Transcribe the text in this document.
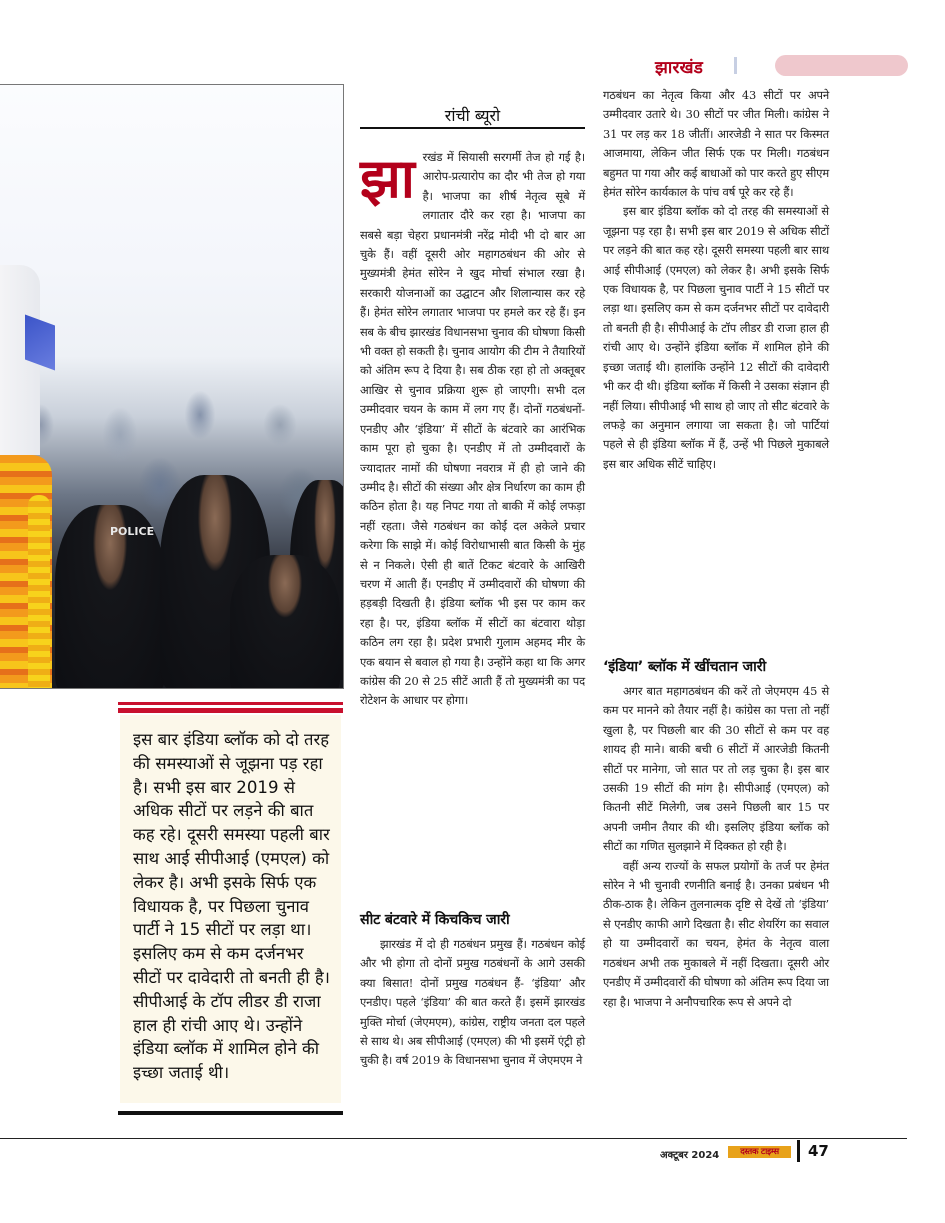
झारखंड
POLICE
इस बार इंडिया ब्लॉक को दो तरह की समस्याओं से जूझना पड़ रहा है। सभी इस बार 2019 से अधिक सीटों पर लड़ने की बात कह रहे। दूसरी समस्या पहली बार साथ आई सीपीआई (एमएल) को लेकर है। अभी इसके सिर्फ एक विधायक है, पर पिछला चुनाव पार्टी ने 15 सीटों पर लड़ा था। इसलिए कम से कम दर्जनभर सीटों पर दावेदारी तो बनती ही है। सीपीआई के टॉप लीडर डी राजा हाल ही रांची आए थे। उन्होंने इंडिया ब्लॉक में शामिल होने की इच्छा जताई थी।
रांची ब्यूरो

झारखंड में सियासी सरगर्मी तेज हो गई है। आरोप-प्रत्यारोप का दौर भी तेज हो गया है। भाजपा का शीर्ष नेतृत्व सूबे में लगातार दौरे कर रहा है। भाजपा का सबसे बड़ा चेहरा प्रधानमंत्री नरेंद्र मोदी भी दो बार आ चुके हैं। वहीं दूसरी ओर महागठबंधन की ओर से मुख्यमंत्री हेमंत सोरेन ने खुद मोर्चा संभाल रखा है। सरकारी योजनाओं का उद्घाटन और शिलान्यास कर रहे हैं। हेमंत सोरेन लगातार भाजपा पर हमले कर रहे हैं। इन सब के बीच झारखंड विधानसभा चुनाव की घोषणा किसी भी वक्त हो सकती है। चुनाव आयोग की टीम ने तैयारियों को अंतिम रूप दे दिया है। सब ठीक रहा हो तो अक्तूबर आखिर से चुनाव प्रक्रिया शुरू हो जाएगी। सभी दल उम्मीदवार चयन के काम में लग गए हैं। दोनों गठबंधनों- एनडीए और ‘इंडिया’ में सीटों के बंटवारे का आरंभिक काम पूरा हो चुका है। एनडीए में तो उम्मीदवारों के ज्यादातर नामों की घोषणा नवरात्र में ही हो जाने की उम्मीद है। सीटों की संख्या और क्षेत्र निर्धारण का काम ही कठिन होता है। यह निपट गया तो बाकी में कोई लफड़ा नहीं रहता। जैसे गठबंधन का कोई दल अकेले प्रचार करेगा कि साझे में। कोई विरोधाभासी बात किसी के मुंह से न निकले। ऐसी ही बातें टिकट बंटवारे के आखिरी चरण में आती हैं। एनडीए में उम्मीदवारों की घोषणा की हड़बड़ी दिखती है। इंडिया ब्लॉक भी इस पर काम कर रहा है। पर, इंडिया ब्लॉक में सीटों का बंटवारा थोड़ा कठिन लग रहा है। प्रदेश प्रभारी गुलाम अहमद मीर के एक बयान से बवाल हो गया है। उन्होंने कहा था कि अगर कांग्रेस की 20 से 25 सीटें आती हैं तो मुख्यमंत्री का पद रोटेशन के आधार पर होगा।

सीट बंटवारे में किचकिच जारी

झारखंड में दो ही गठबंधन प्रमुख हैं। गठबंधन कोई और भी होगा तो दोनों प्रमुख गठबंधनों के आगे उसकी क्या बिसात! दोनों प्रमुख गठबंधन हैं- ‘इंडिया’ और एनडीए। पहले ‘इंडिया’ की बात करते हैं। इसमें झारखंड मुक्ति मोर्चा (जेएमएम), कांग्रेस, राष्ट्रीय जनता दल पहले से साथ थे। अब सीपीआई (एमएल) की भी इसमें एंट्री हो चुकी है। वर्ष 2019 के विधानसभा चुनाव में जेएमएम ने

गठबंधन का नेतृत्व किया और 43 सीटों पर अपने उम्मीदवार उतारे थे। 30 सीटों पर जीत मिली। कांग्रेस ने 31 पर लड़ कर 18 जीतीं। आरजेडी ने सात पर किस्मत आजमाया, लेकिन जीत सिर्फ एक पर मिली। गठबंधन बहुमत पा गया और कई बाधाओं को पार करते हुए सीएम हेमंत सोरेन कार्यकाल के पांच वर्ष पूरे कर रहे हैं।

इस बार इंडिया ब्लॉक को दो तरह की समस्याओं से जूझना पड़ रहा है। सभी इस बार 2019 से अधिक सीटों पर लड़ने की बात कह रहे। दूसरी समस्या पहली बार साथ आई सीपीआई (एमएल) को लेकर है। अभी इसके सिर्फ एक विधायक है, पर पिछला चुनाव पार्टी ने 15 सीटों पर लड़ा था। इसलिए कम से कम दर्जनभर सीटों पर दावेदारी तो बनती ही है। सीपीआई के टॉप लीडर डी राजा हाल ही रांची आए थे। उन्होंने इंडिया ब्लॉक में शामिल होने की इच्छा जताई थी। हालांकि उन्होंने 12 सीटों की दावेदारी भी कर दी थी। इंडिया ब्लॉक में किसी ने उसका संज्ञान ही नहीं लिया। सीपीआई भी साथ हो जाए तो सीट बंटवारे के लफड़े का अनुमान लगाया जा सकता है। जो पार्टियां पहले से ही इंडिया ब्लॉक में हैं, उन्हें भी पिछले मुकाबले इस बार अधिक सीटें चाहिए।

‘इंडिया’ ब्लॉक में खींचतान जारी

अगर बात महागठबंधन की करें तो जेएमएम 45 से कम पर मानने को तैयार नहीं है। कांग्रेस का पत्ता तो नहीं खुला है, पर पिछली बार की 30 सीटों से कम पर वह शायद ही माने। बाकी बची 6 सीटों में आरजेडी कितनी सीटों पर मानेगा, जो सात पर तो लड़ चुका है। इस बार उसकी 19 सीटों की मांग है। सीपीआई (एमएल) को कितनी सीटें मिलेगी, जब उसने पिछली बार 15 पर अपनी जमीन तैयार की थी। इसलिए इंडिया ब्लॉक को सीटों का गणित सुलझाने में दिक्कत हो रही है।

वहीं अन्य राज्यों के सफल प्रयोगों के तर्ज पर हेमंत सोरेन ने भी चुनावी रणनीति बनाई है। उनका प्रबंधन भी ठीक-ठाक है। लेकिन तुलनात्मक दृष्टि से देखें तो ‘इंडिया’ से एनडीए काफी आगे दिखता है। सीट शेयरिंग का सवाल हो या उम्मीदवारों का चयन, हेमंत के नेतृत्व वाला गठबंधन अभी तक मुकाबले में नहीं दिखता। दूसरी ओर एनडीए में उम्मीदवारों की घोषणा को अंतिम रूप दिया जा रहा है। भाजपा ने अनौपचारिक रूप से अपने दो

अक्टूबर 2024	दस्तक टाइम्स	47
